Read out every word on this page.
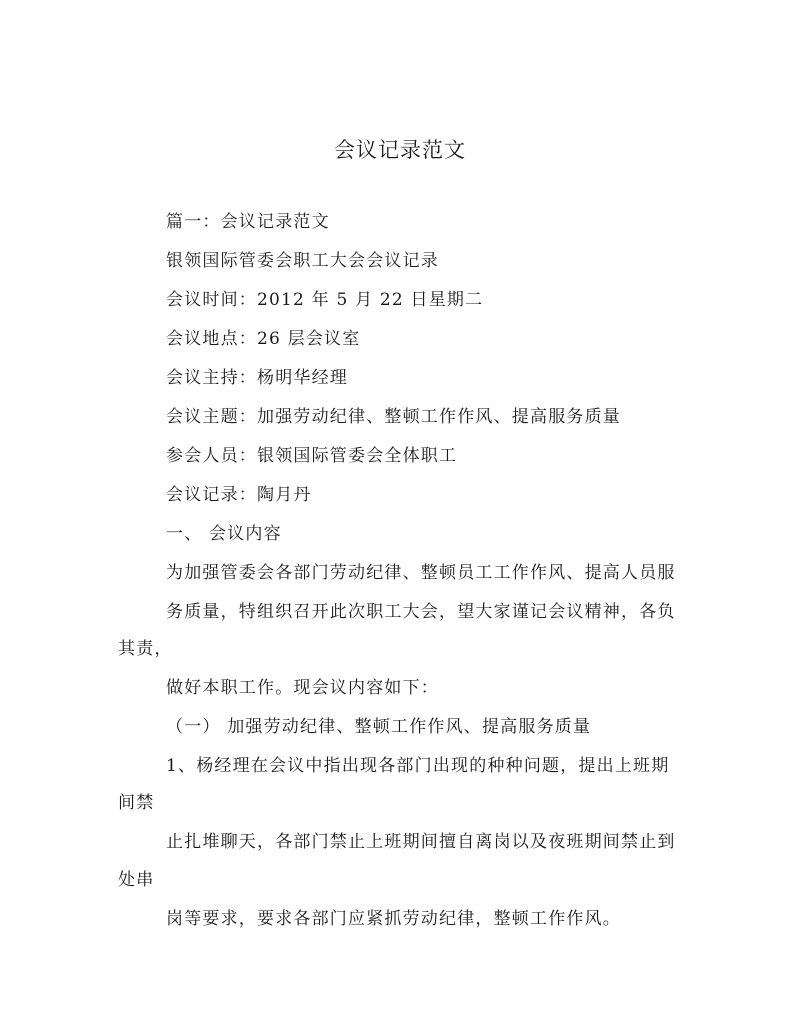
会议记录范文
篇一：会议记录范文
银领国际管委会职工大会会议记录
会议时间：2012 年 5 月 22 日星期二
会议地点：26 层会议室
会议主持：杨明华经理
会议主题：加强劳动纪律、整顿工作作风、提高服务质量
参会人员：银领国际管委会全体职工
会议记录：陶月丹
一、 会议内容
为加强管委会各部门劳动纪律、整顿员工工作作风、提高人员服
务质量，特组织召开此次职工大会，望大家谨记会议精神，各负
其责，
做好本职工作。现会议内容如下：
（一） 加强劳动纪律、整顿工作作风、提高服务质量
1、杨经理在会议中指出现各部门出现的种种问题，提出上班期
间禁
止扎堆聊天，各部门禁止上班期间擅自离岗以及夜班期间禁止到
处串
岗等要求，要求各部门应紧抓劳动纪律，整顿工作作风。
